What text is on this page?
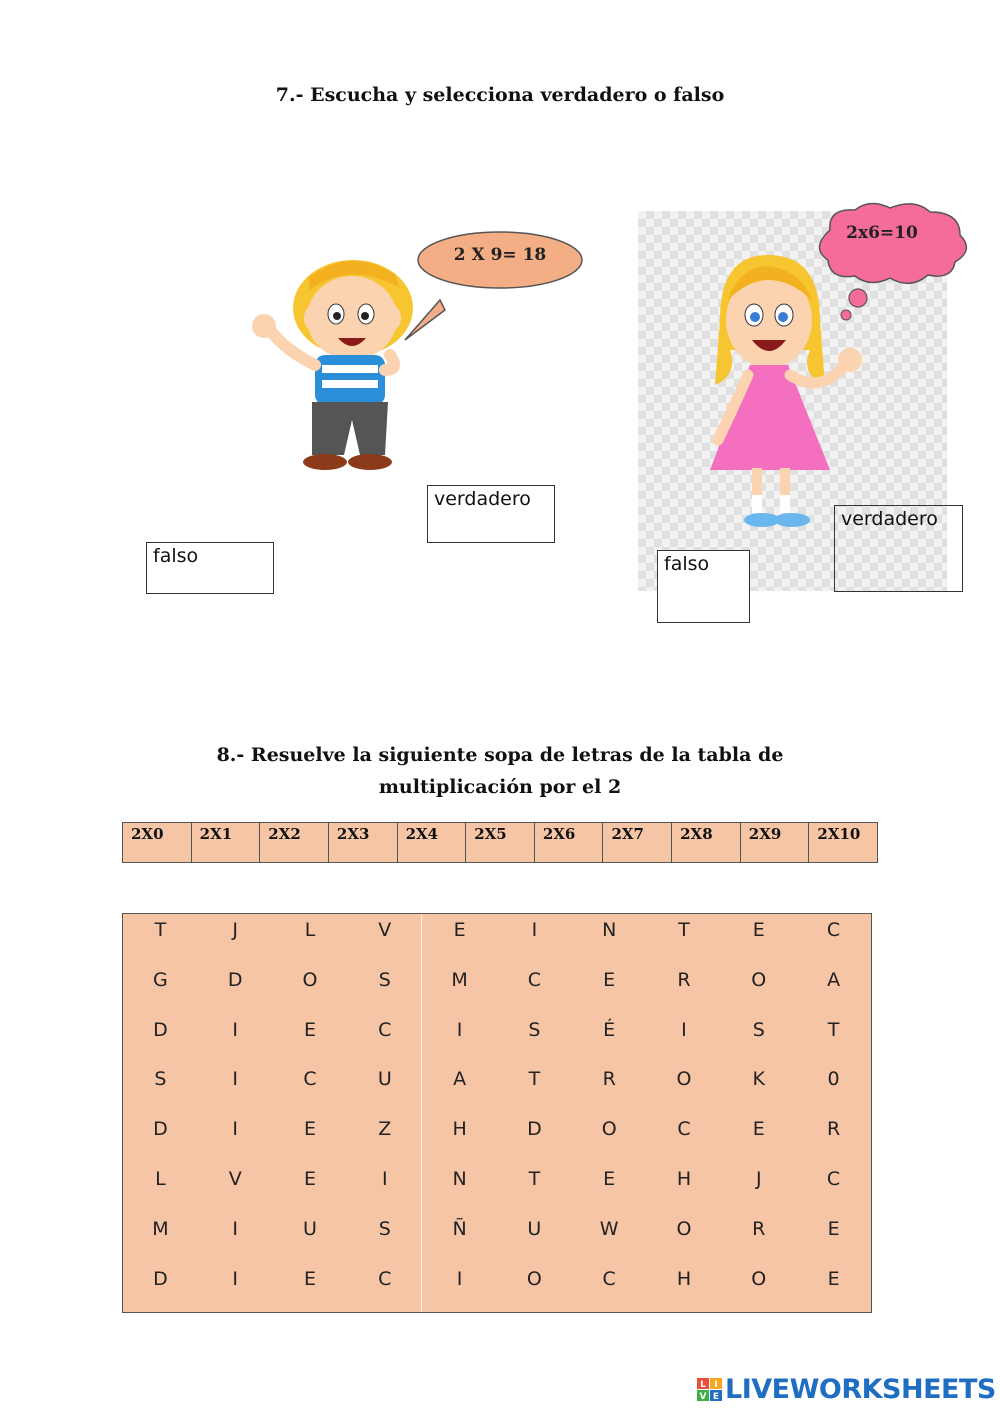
7.- Escucha y selecciona verdadero o falso
2 X 9= 18
verdadero
falso
2x6=10
verdadero
falso
8.- Resuelve la siguiente sopa de letras de la tabla de
multiplicación por el 2
2X0	2X1	2X2	2X3	2X4	2X5	2X6	2X7	2X8	2X9	2X10
T	J	L	V	E	I	N	T	E	C
G	D	O	S	M	C	E	R	O	A
D	I	E	C	I	S	É	I	S	T
S	I	C	U	A	T	R	O	K	0
D	I	E	Z	H	D	O	C	E	R
L	V	E	I	N	T	E	H	J	C
M	I	U	S	Ñ	U	W	O	R	E
D	I	E	C	I	O	C	H	O	E
L I
V E LIVEWORKSHEETS
